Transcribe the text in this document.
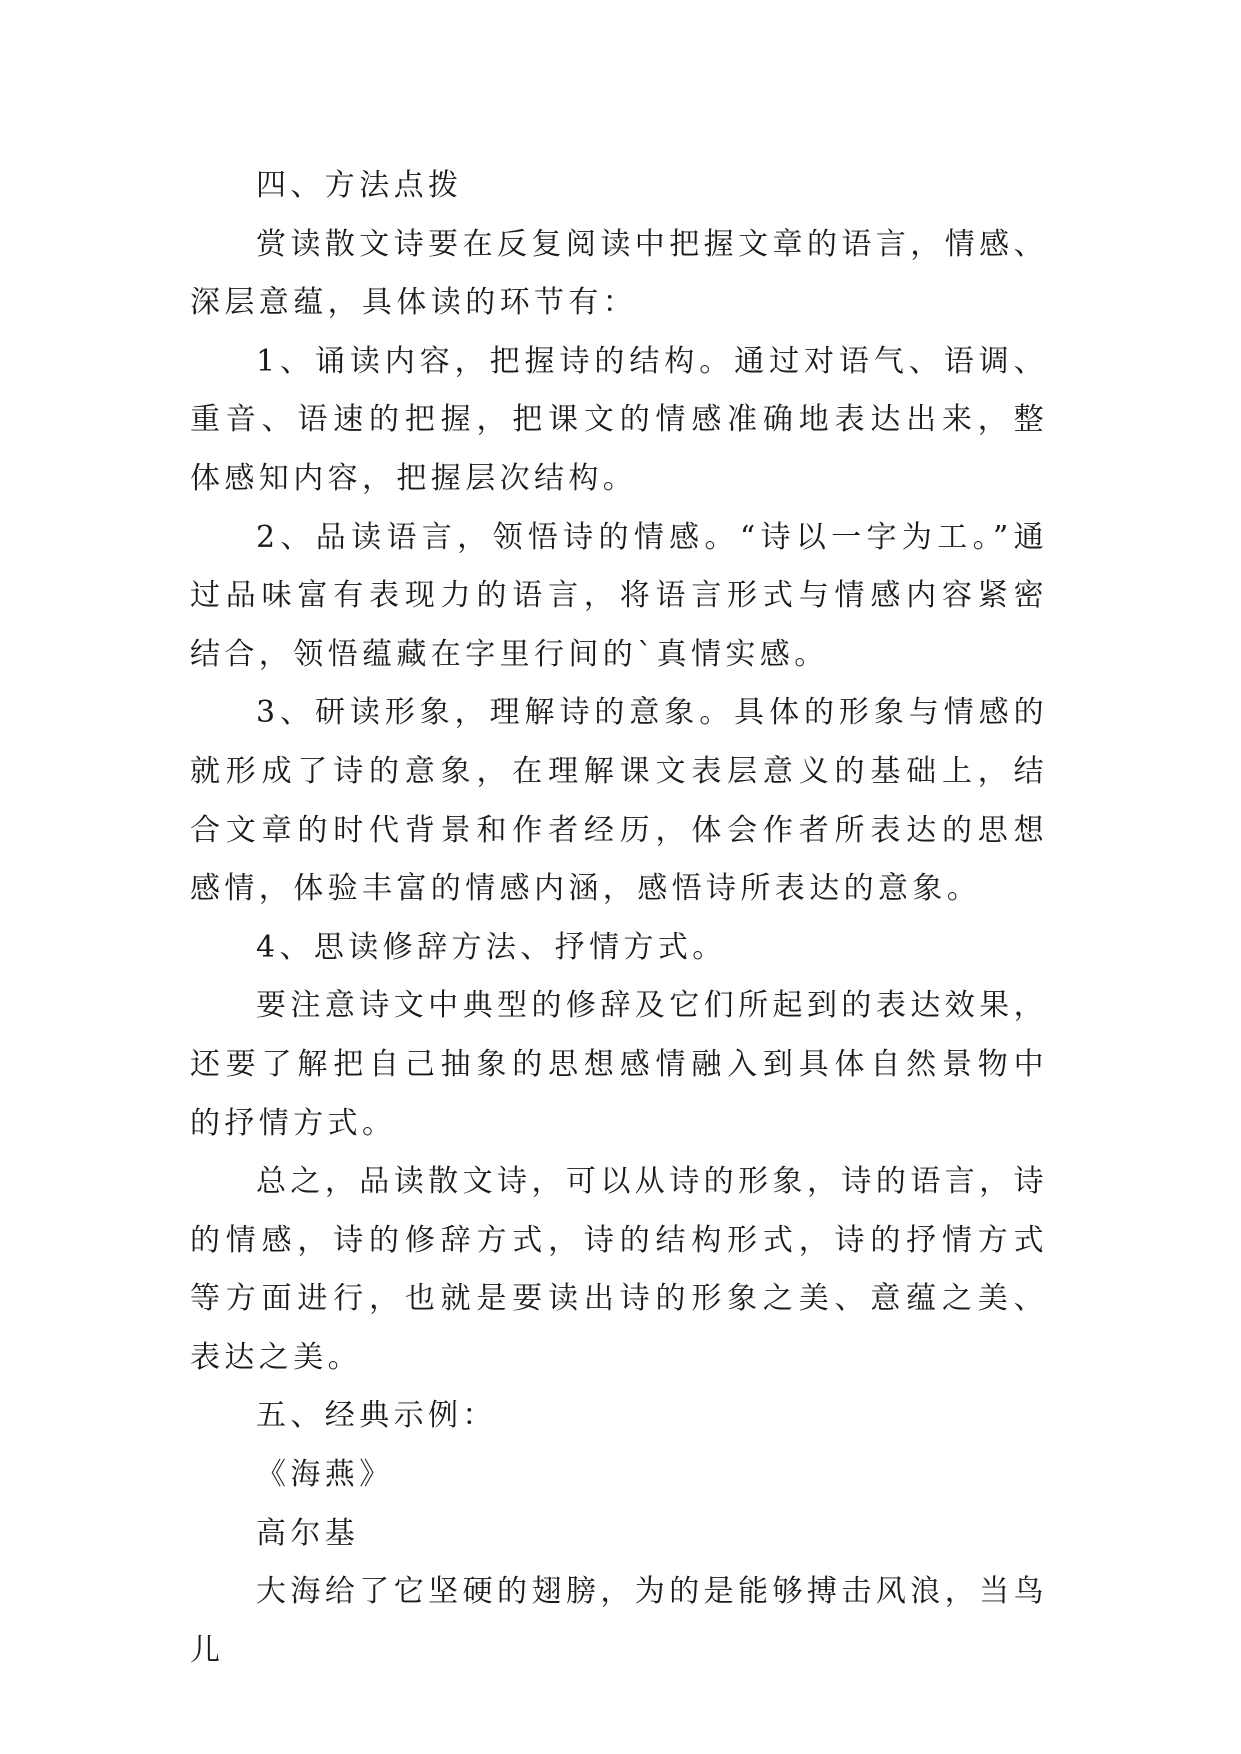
四、方法点拨

赏读散文诗要在反复阅读中把握文章的语言，情感、深层意蕴，具体读的环节有：

1、诵读内容，把握诗的结构。通过对语气、语调、重音、语速的把握，把课文的情感准确地表达出来，整体感知内容，把握层次结构。

2、品读语言，领悟诗的情感。“诗以一字为工。”通过品味富有表现力的语言，将语言形式与情感内容紧密结合，领悟蕴藏在字里行间的`真情实感。

3、研读形象，理解诗的意象。具体的形象与情感的就形成了诗的意象，在理解课文表层意义的基础上，结合文章的时代背景和作者经历，体会作者所表达的思想感情，体验丰富的情感内涵，感悟诗所表达的意象。

4、思读修辞方法、抒情方式。

要注意诗文中典型的修辞及它们所起到的表达效果，还要了解把自己抽象的思想感情融入到具体自然景物中的抒情方式。

总之，品读散文诗，可以从诗的形象，诗的语言，诗的情感，诗的修辞方式，诗的结构形式，诗的抒情方式等方面进行，也就是要读出诗的形象之美、意蕴之美、表达之美。

五、经典示例：

《海燕》

高尔基

大海给了它坚硬的翅膀，为的是能够搏击风浪，当鸟儿
